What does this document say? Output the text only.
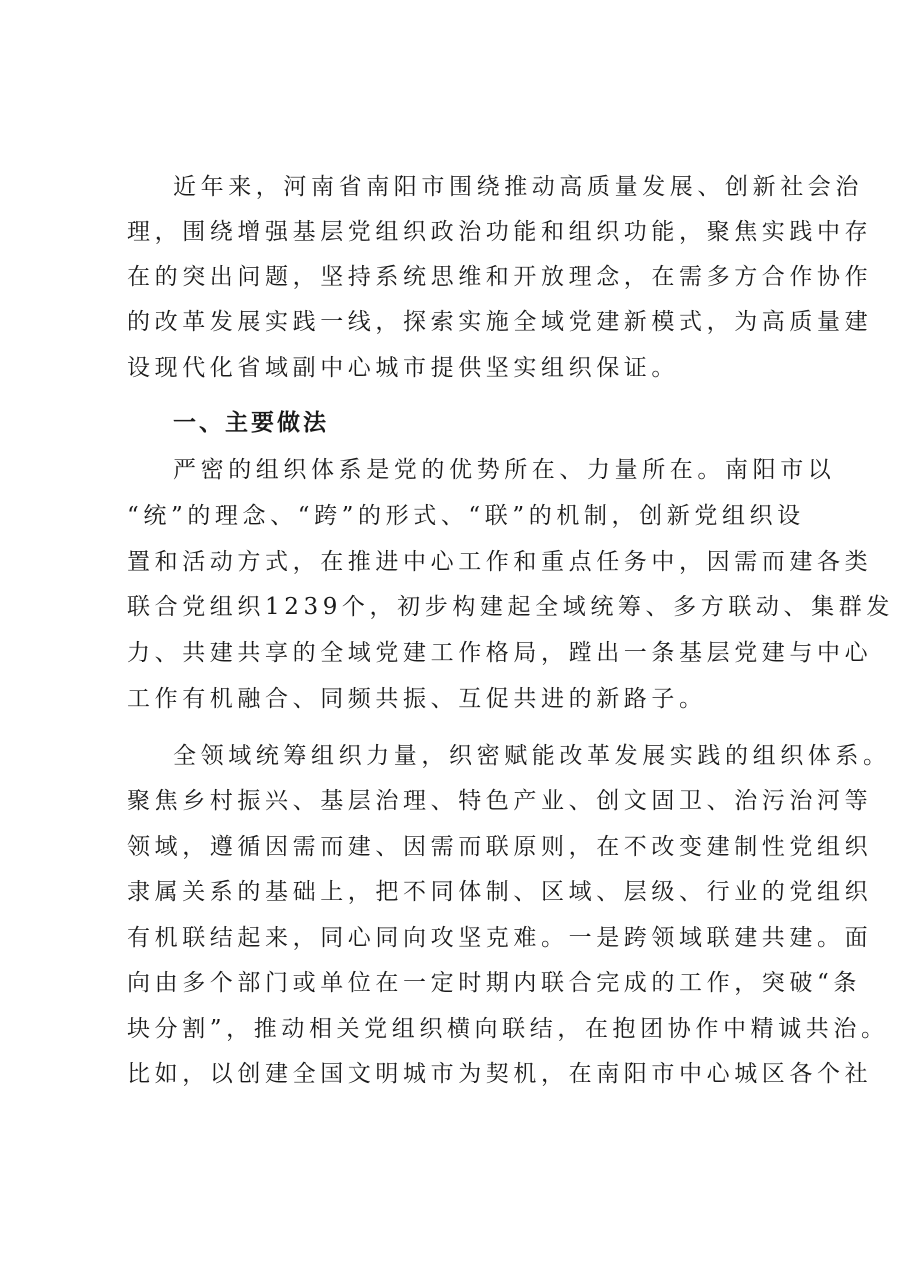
近年来，河南省南阳市围绕推动高质量发展、创新社会治
理，围绕增强基层党组织政治功能和组织功能，聚焦实践中存
在的突出问题，坚持系统思维和开放理念，在需多方合作协作
的改革发展实践一线，探索实施全域党建新模式，为高质量建
设现代化省域副中心城市提供坚实组织保证。
一、主要做法
严密的组织体系是党的优势所在、力量所在。南阳市以
“统”的理念、“跨”的形式、“联”的机制，创新党组织设
置和活动方式，在推进中心工作和重点任务中，因需而建各类
联合党组织1239个，初步构建起全域统筹、多方联动、集群发
力、共建共享的全域党建工作格局，蹚出一条基层党建与中心
工作有机融合、同频共振、互促共进的新路子。
全领域统筹组织力量，织密赋能改革发展实践的组织体系。
聚焦乡村振兴、基层治理、特色产业、创文固卫、治污治河等
领域，遵循因需而建、因需而联原则，在不改变建制性党组织
隶属关系的基础上，把不同体制、区域、层级、行业的党组织
有机联结起来，同心同向攻坚克难。一是跨领域联建共建。面
向由多个部门或单位在一定时期内联合完成的工作，突破“条
块分割”，推动相关党组织横向联结，在抱团协作中精诚共治。
比如，以创建全国文明城市为契机，在南阳市中心城区各个社
